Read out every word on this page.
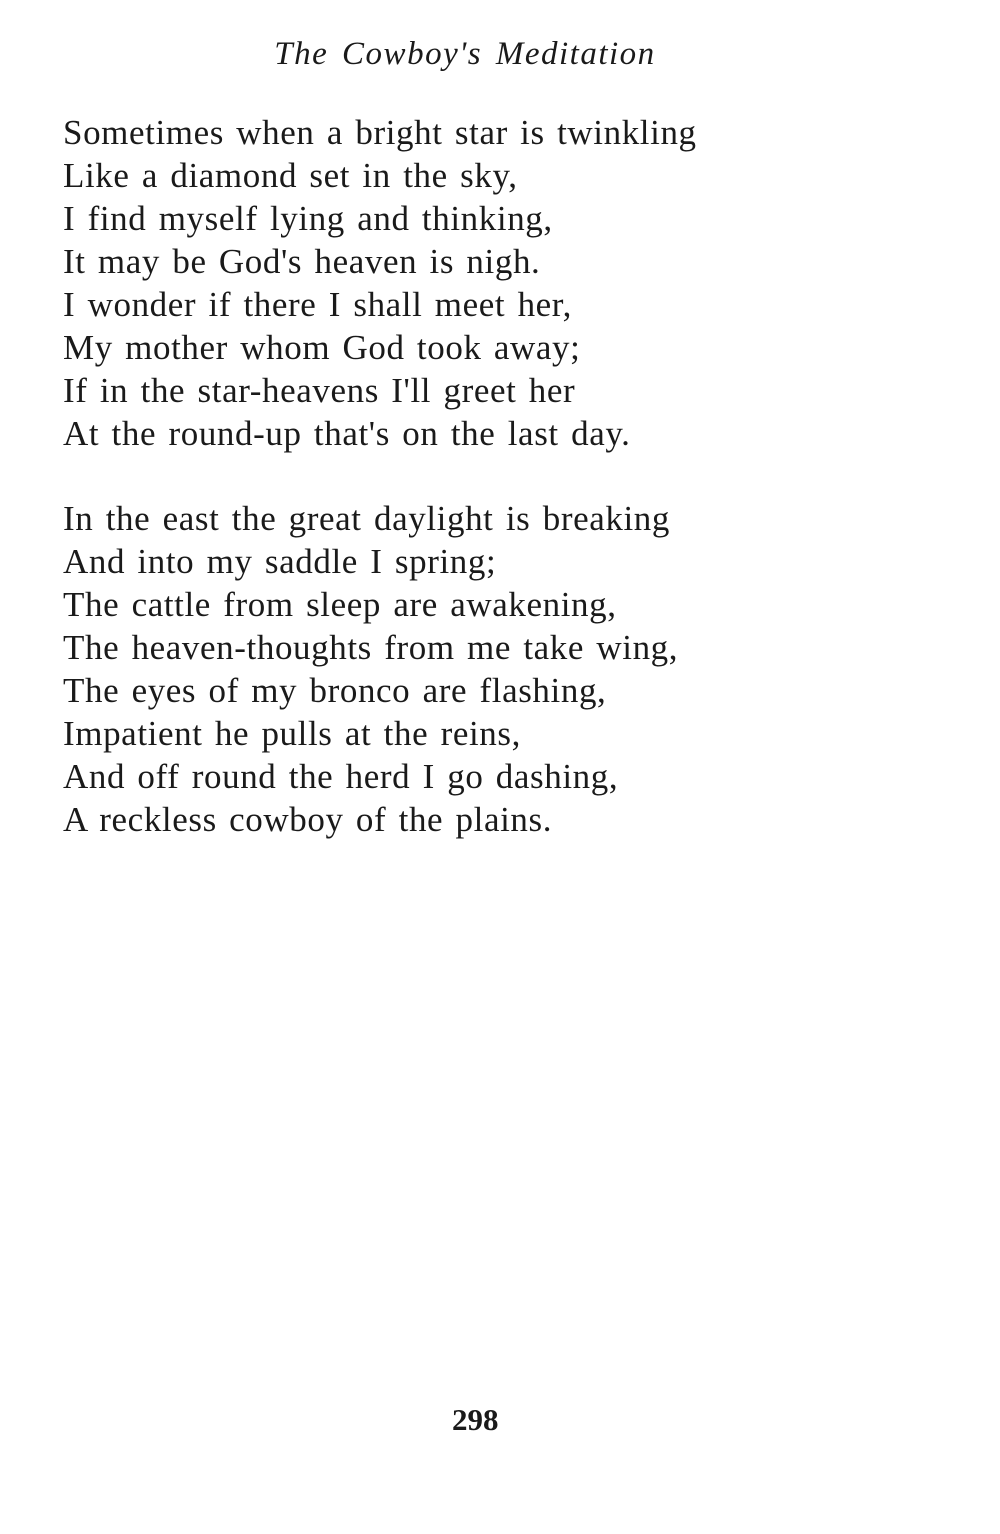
The Cowboy's Meditation
Sometimes when a bright star is twinkling
Like a diamond set in the sky,
I find myself lying and thinking,
It may be God's heaven is nigh.
I wonder if there I shall meet her,
My mother whom God took away;
If in the star-heavens I'll greet her
At the round-up that's on the last day.
In the east the great daylight is breaking
And into my saddle I spring;
The cattle from sleep are awakening,
The heaven-thoughts from me take wing,
The eyes of my bronco are flashing,
Impatient he pulls at the reins,
And off round the herd I go dashing,
A reckless cowboy of the plains.
298
